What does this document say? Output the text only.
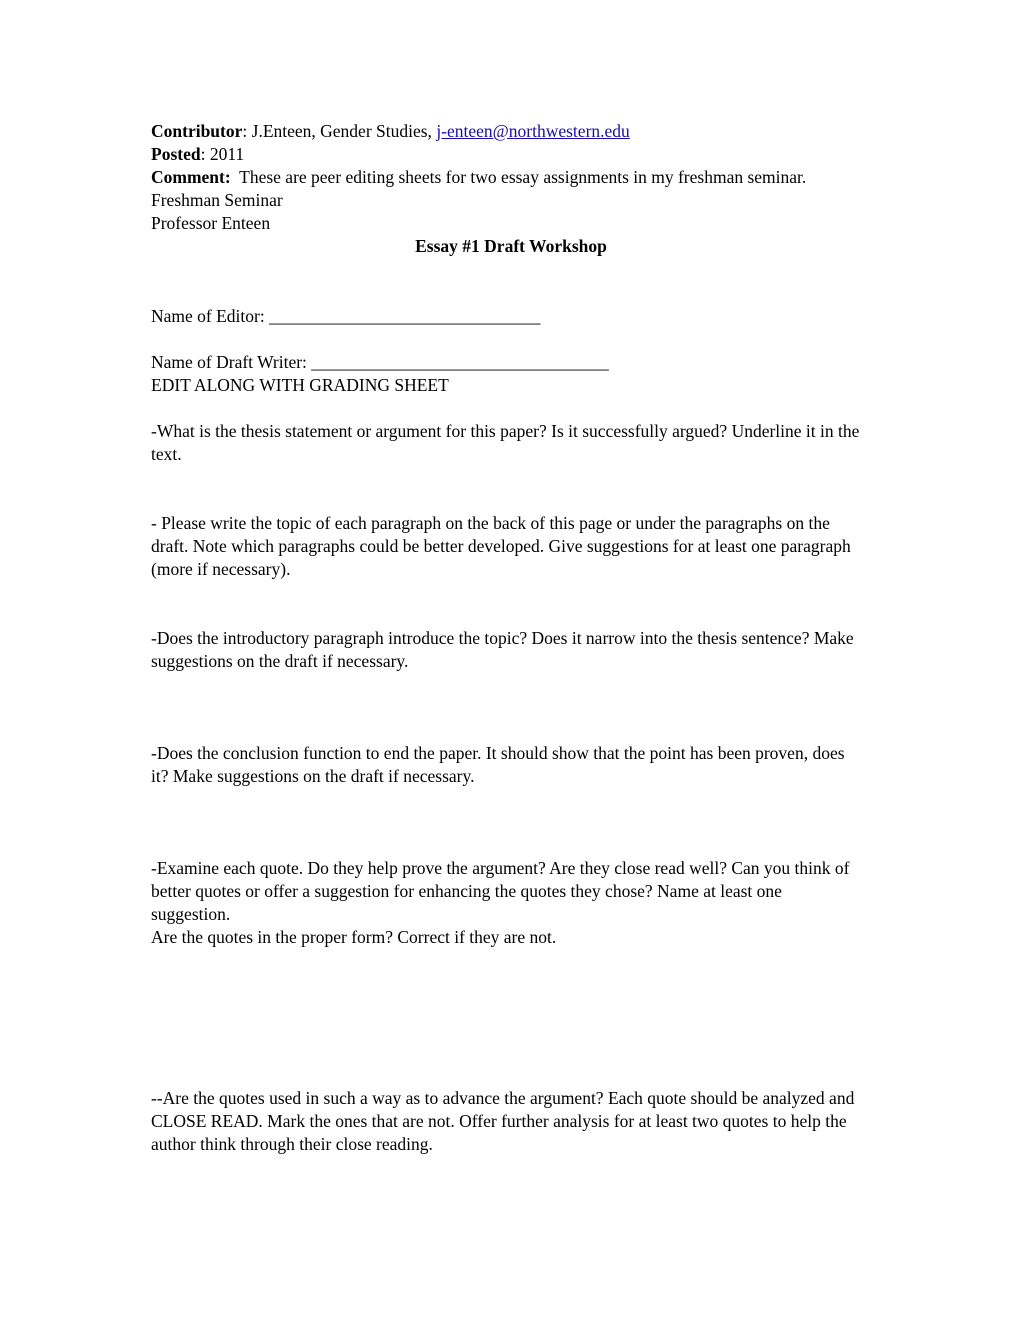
Contributor: J.Enteen, Gender Studies, j-enteen@northwestern.edu
Posted: 2011
Comment:  These are peer editing sheets for two essay assignments in my freshman seminar.
Freshman Seminar
Professor Enteen
Essay #1 Draft Workshop
Name of Editor: _______________________________
Name of Draft Writer: __________________________________
EDIT ALONG WITH GRADING SHEET
-What is the thesis statement or argument for this paper? Is it successfully argued? Underline it in the text.
- Please write the topic of each paragraph on the back of this page or under the paragraphs on the draft. Note which paragraphs could be better developed. Give suggestions for at least one paragraph (more if necessary).
-Does the introductory paragraph introduce the topic? Does it narrow into the thesis sentence? Make suggestions on the draft if necessary.
-Does the conclusion function to end the paper. It should show that the point has been proven, does it? Make suggestions on the draft if necessary.
-Examine each quote. Do they help prove the argument? Are they close read well? Can you think of better quotes or offer a suggestion for enhancing the quotes they chose? Name at least one suggestion.
Are the quotes in the proper form? Correct if they are not.
--Are the quotes used in such a way as to advance the argument? Each quote should be analyzed and CLOSE READ. Mark the ones that are not. Offer further analysis for at least two quotes to help the author think through their close reading.
